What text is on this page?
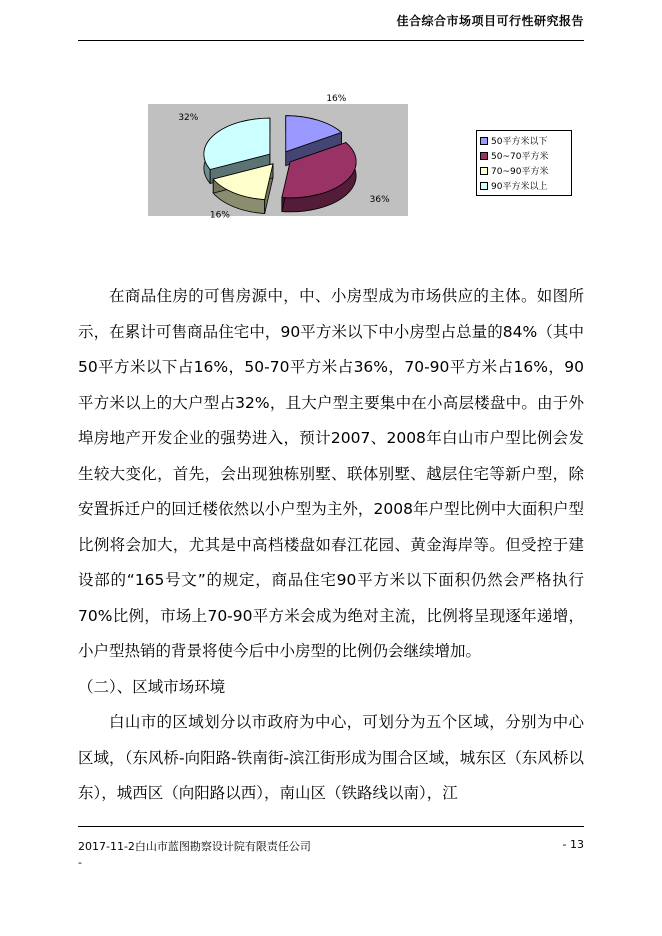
佳合综合市场项目可行性研究报告
16%
36%
16%
32%
50平方米以下
50~70平方米
70~90平方米
90平方米以上

在商品住房的可售房源中，中、小房型成为市场供应的主体。如图所示，在累计可售商品住宅中，90平方米以下中小房型占总量的84%（其中50平方米以下占16%，50-70平方米占36%，70-90平方米占16%，90平方米以上的大户型占32%，且大户型主要集中在小高层楼盘中。由于外埠房地产开发企业的强势进入，预计2007、2008年白山市户型比例会发生较大变化，首先，会出现独栋别墅、联体别墅、越层住宅等新户型，除安置拆迁户的回迁楼依然以小户型为主外，2008年户型比例中大面积户型比例将会加大，尤其是中高档楼盘如春江花园、黄金海岸等。但受控于建设部的“165号文”的规定，商品住宅90平方米以下面积仍然会严格执行70%比例，市场上70-90平方米会成为绝对主流，比例将呈现逐年递增，小户型热销的背景将使今后中小房型的比例仍会继续增加。

（二）、区域市场环境

白山市的区域划分以市政府为中心，可划分为五个区域，分别为中心区域，（东风桥-向阳路-铁南街-滨江街形成为围合区域，城东区（东风桥以东），城西区（向阳路以西），南山区（铁路线以南），江

2017-11-2白山市蓝图勘察设计院有限责任公司	- 13
-
